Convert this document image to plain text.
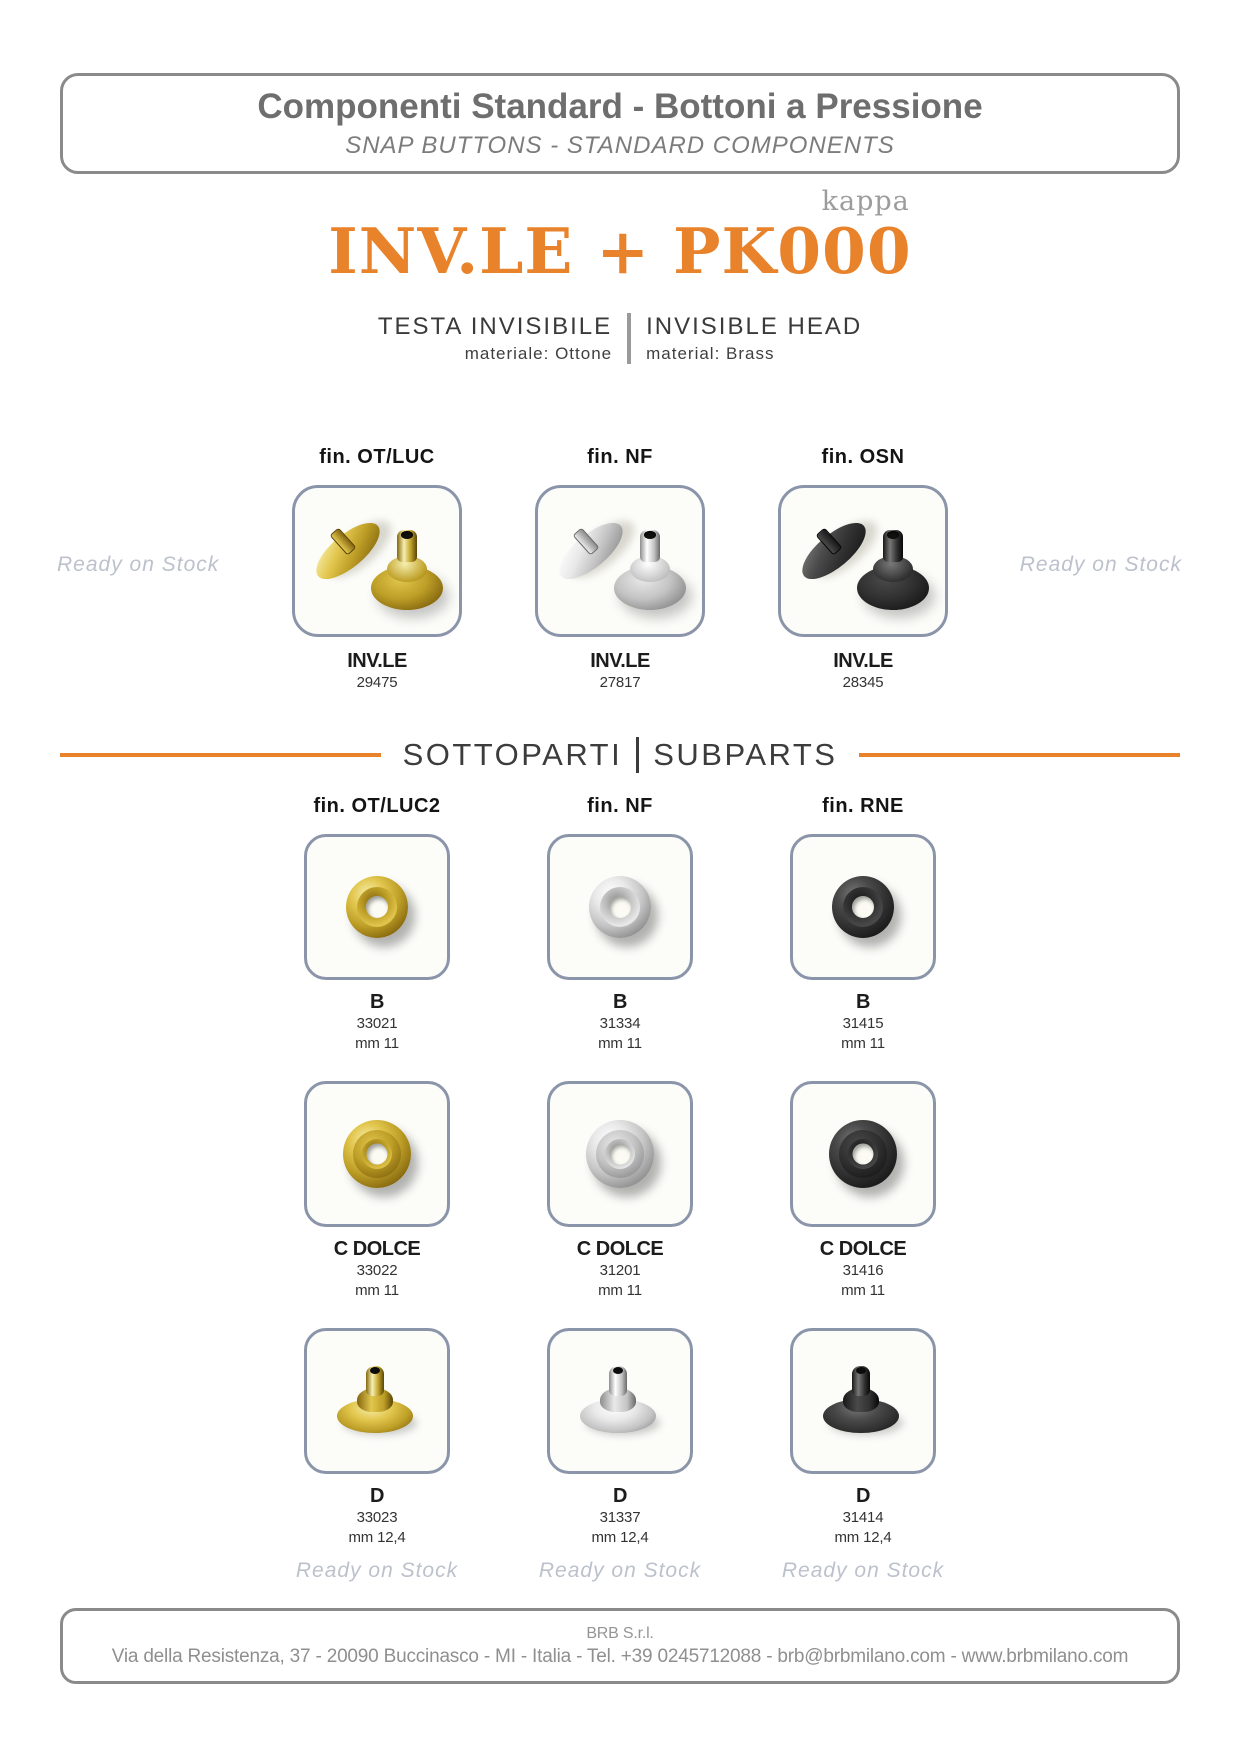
Componenti Standard - Bottoni a Pressione
SNAP BUTTONS - STANDARD COMPONENTS
kappa
INV.LE + PK000
TESTA INVISIBILE
materiale: Ottone
INVISIBLE HEAD
material: Brass
Ready on Stock	Ready on Stock
fin. OT/LUC
INV.LE
29475
fin. NF
INV.LE
27817
fin. OSN
INV.LE
28345
SOTTOPARTI SUBPARTS
fin. OT/LUC2
B
33021
mm 11
C DOLCE
33022
mm 11
D
33023
mm 12,4
Ready on Stock
fin. NF
B
31334
mm 11
C DOLCE
31201
mm 11
D
31337
mm 12,4
Ready on Stock
fin. RNE
B
31415
mm 11
C DOLCE
31416
mm 11
D
31414
mm 12,4
Ready on Stock
BRB S.r.l.
Via della Resistenza, 37 - 20090 Buccinasco - MI - Italia - Tel. +39 0245712088 - brb@brbmilano.com - www.brbmilano.com
